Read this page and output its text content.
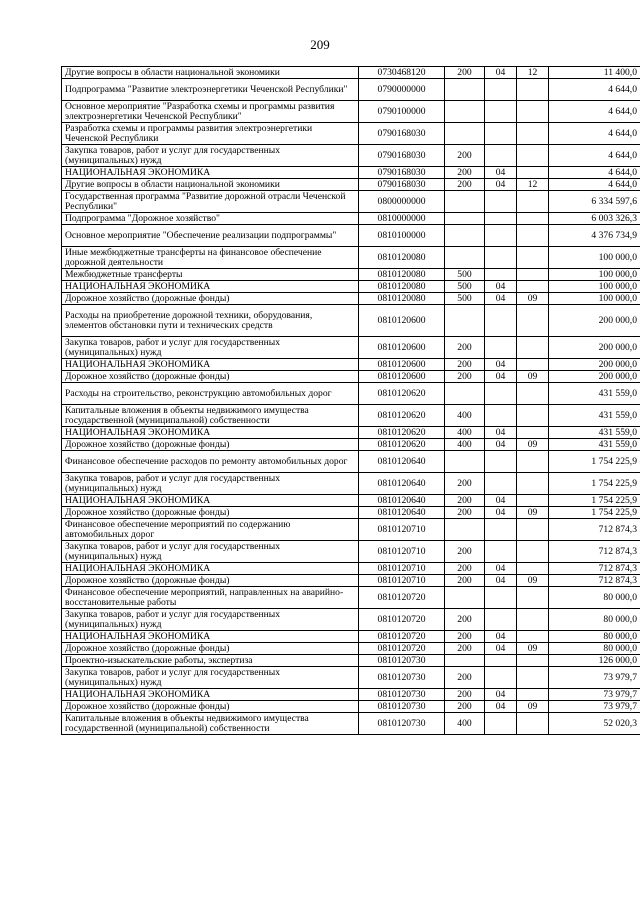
209
Другие вопросы в области национальной экономики	0730468120	200	04	12	11 400,0
Подпрограмма "Развитие электроэнергетики Чеченской Республики"	0790000000				4 644,0
Основное мероприятие "Разработка схемы и программы развития электроэнергетики Чеченской Республики"	0790100000				4 644,0
Разработка схемы и программы развития электроэнергетики Чеченской Республики	0790168030				4 644,0
Закупка товаров, работ и услуг для государственных (муниципальных) нужд	0790168030	200			4 644,0
НАЦИОНАЛЬНАЯ ЭКОНОМИКА	0790168030	200	04		4 644,0
Другие вопросы в области национальной экономики	0790168030	200	04	12	4 644,0
Государственная программа "Развитие дорожной отрасли Чеченской Республики"	0800000000				6 334 597,6
Подпрограмма "Дорожное хозяйство"	0810000000				6 003 326,3
Основное мероприятие "Обеспечение реализации подпрограммы"	0810100000				4 376 734,9
Иные межбюджетные трансферты на финансовое обеспечение дорожной деятельности	0810120080				100 000,0
Межбюджетные трансферты	0810120080	500			100 000,0
НАЦИОНАЛЬНАЯ ЭКОНОМИКА	0810120080	500	04		100 000,0
Дорожное хозяйство (дорожные фонды)	0810120080	500	04	09	100 000,0
Расходы на приобретение дорожной техники, оборудования, элементов обстановки пути и технических средств	0810120600				200 000,0
Закупка товаров, работ и услуг для государственных (муниципальных) нужд	0810120600	200			200 000,0
НАЦИОНАЛЬНАЯ ЭКОНОМИКА	0810120600	200	04		200 000,0
Дорожное хозяйство (дорожные фонды)	0810120600	200	04	09	200 000,0
Расходы на строительство, реконструкцию автомобильных дорог	0810120620				431 559,0
Капитальные вложения в объекты недвижимого имущества государственной (муниципальной) собственности	0810120620	400			431 559,0
НАЦИОНАЛЬНАЯ ЭКОНОМИКА	0810120620	400	04		431 559,0
Дорожное хозяйство (дорожные фонды)	0810120620	400	04	09	431 559,0
Финансовое обеспечение расходов по ремонту автомобильных дорог	0810120640				1 754 225,9
Закупка товаров, работ и услуг для государственных (муниципальных) нужд	0810120640	200			1 754 225,9
НАЦИОНАЛЬНАЯ ЭКОНОМИКА	0810120640	200	04		1 754 225,9
Дорожное хозяйство (дорожные фонды)	0810120640	200	04	09	1 754 225,9
Финансовое обеспечение мероприятий по содержанию автомобильных дорог	0810120710				712 874,3
Закупка товаров, работ и услуг для государственных (муниципальных) нужд	0810120710	200			712 874,3
НАЦИОНАЛЬНАЯ ЭКОНОМИКА	0810120710	200	04		712 874,3
Дорожное хозяйство (дорожные фонды)	0810120710	200	04	09	712 874,3
Финансовое обеспечение мероприятий, направленных на аварийно-восстановительные работы	0810120720				80 000,0
Закупка товаров, работ и услуг для государственных (муниципальных) нужд	0810120720	200			80 000,0
НАЦИОНАЛЬНАЯ ЭКОНОМИКА	0810120720	200	04		80 000,0
Дорожное хозяйство (дорожные фонды)	0810120720	200	04	09	80 000,0
Проектно-изыскательские работы, экспертиза	0810120730				126 000,0
Закупка товаров, работ и услуг для государственных (муниципальных) нужд	0810120730	200			73 979,7
НАЦИОНАЛЬНАЯ ЭКОНОМИКА	0810120730	200	04		73 979,7
Дорожное хозяйство (дорожные фонды)	0810120730	200	04	09	73 979,7
Капитальные вложения в объекты недвижимого имущества государственной (муниципальной) собственности	0810120730	400			52 020,3
